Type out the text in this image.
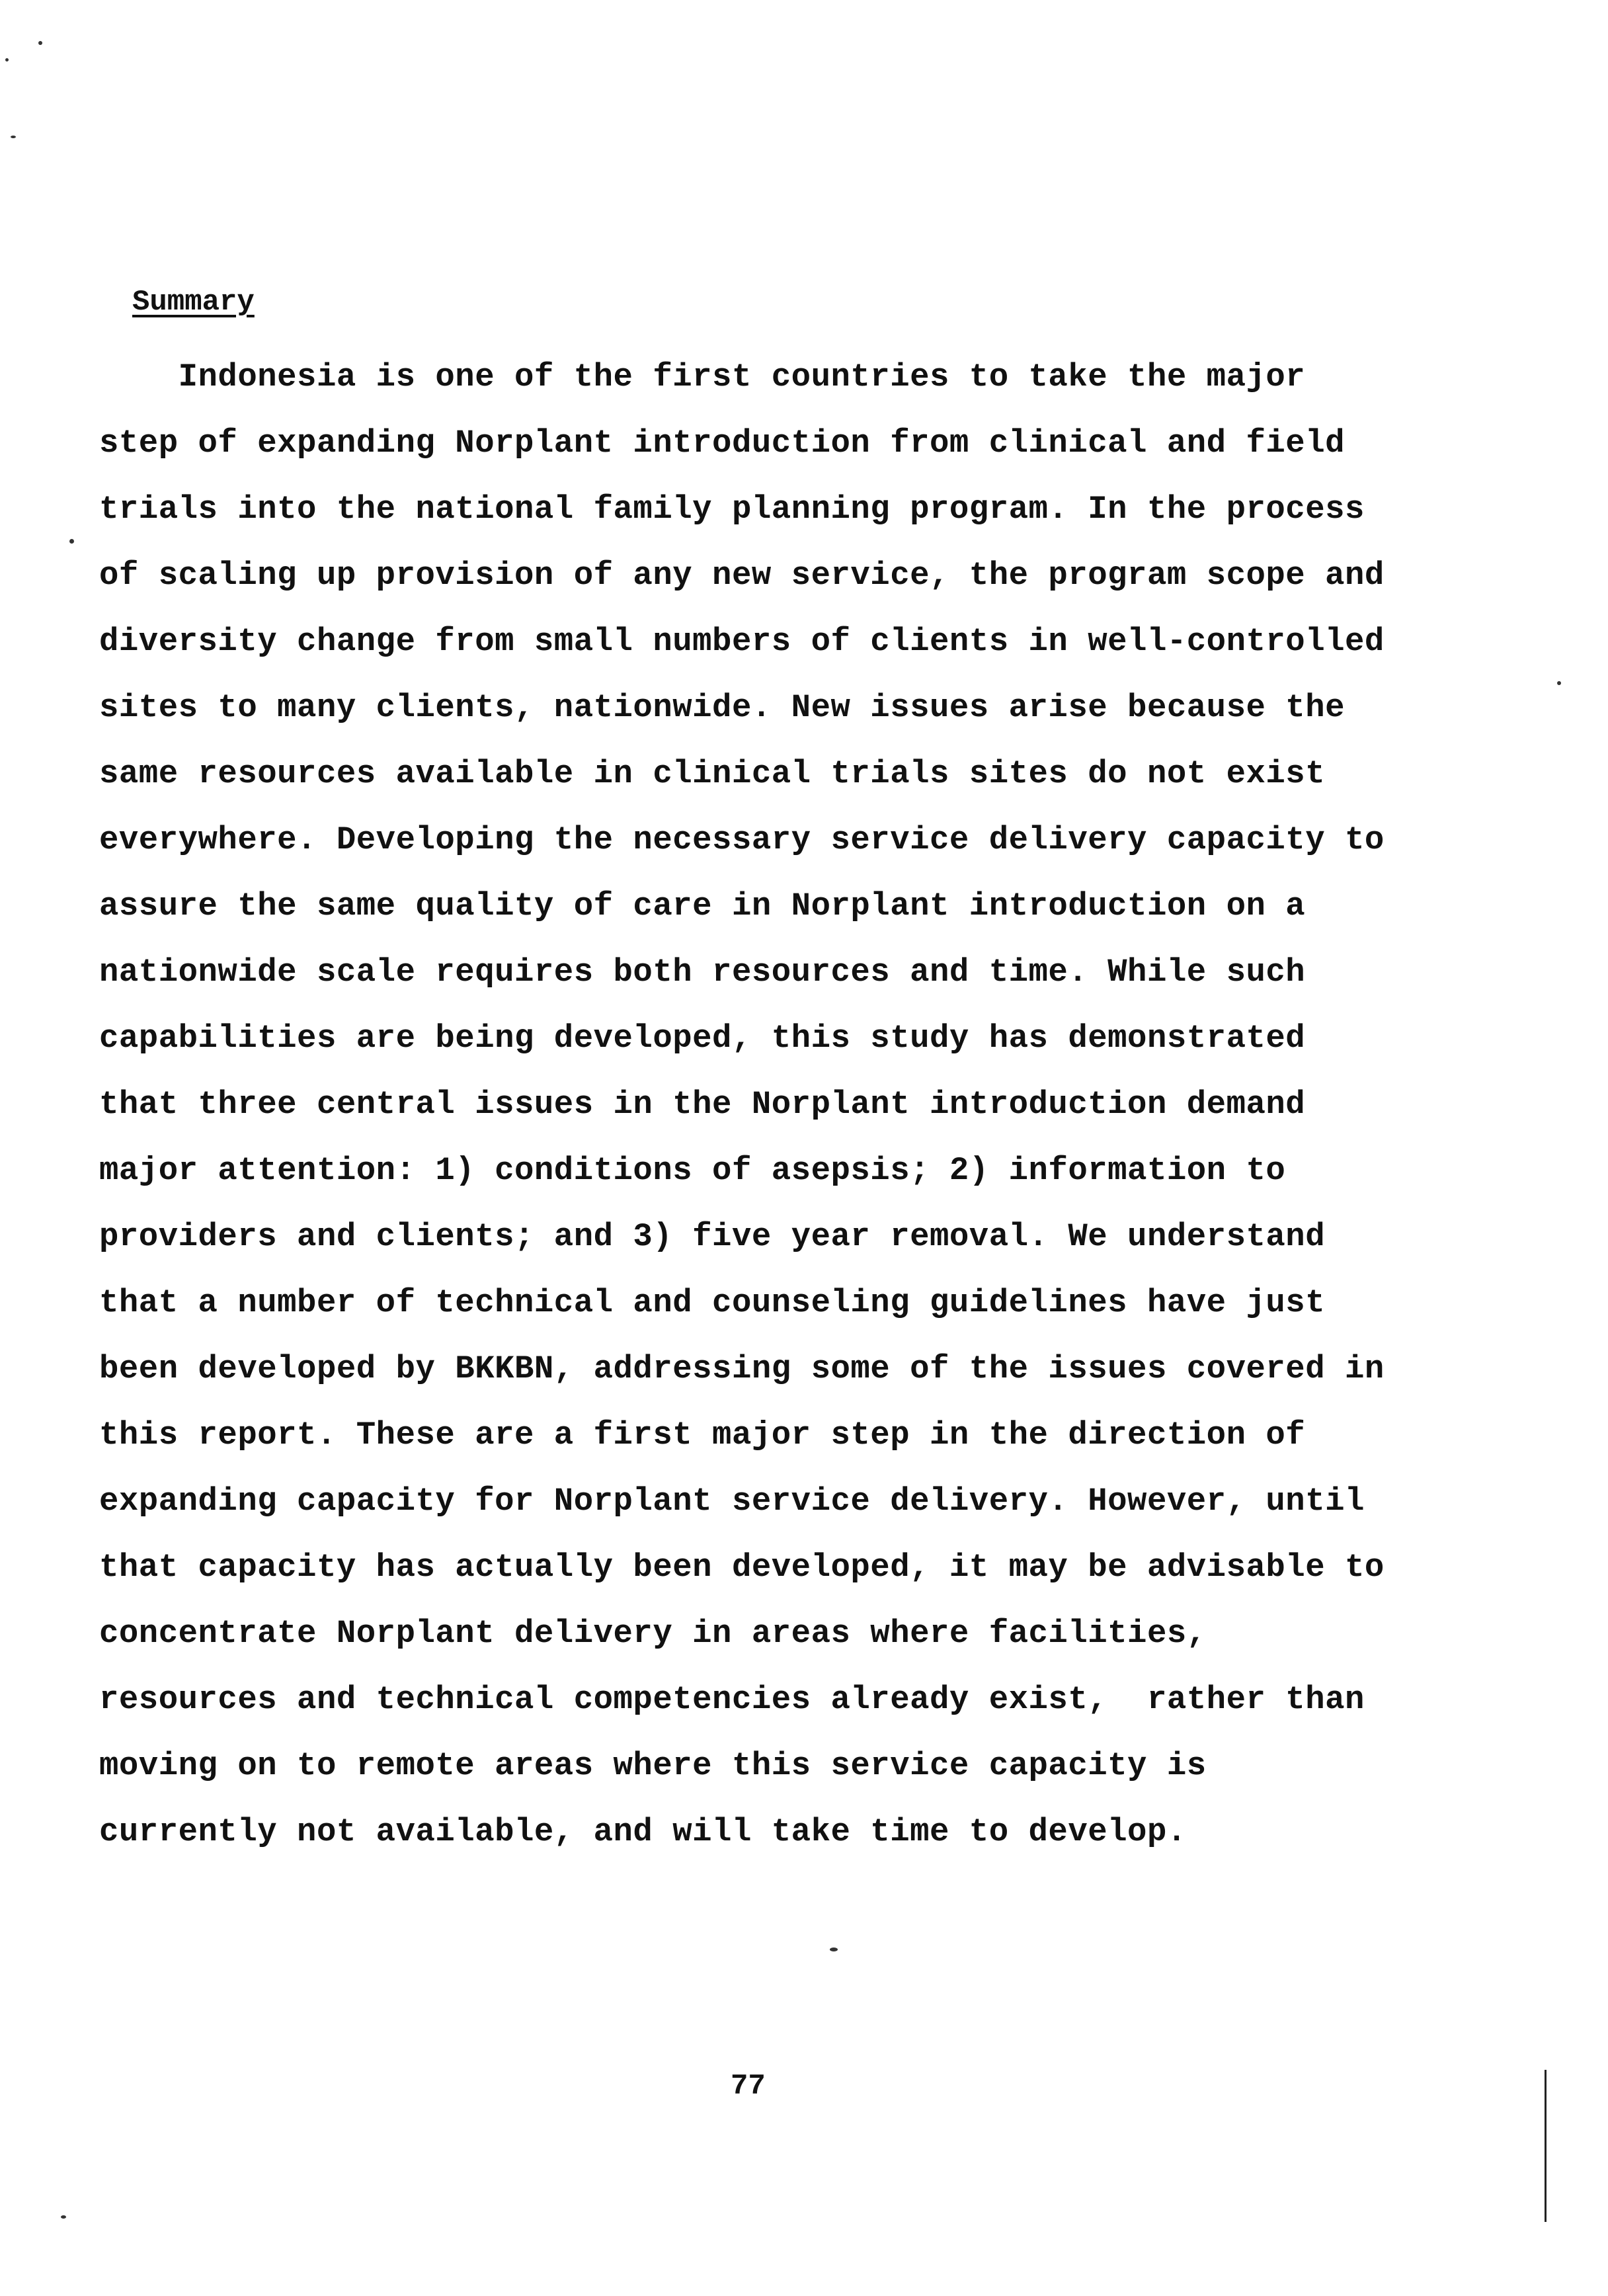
Summary
Indonesia is one of the first countries to take the major
step of expanding Norplant introduction from clinical and field
trials into the national family planning program. In the process
of scaling up provision of any new service, the program scope and
diversity change from small numbers of clients in well-controlled
sites to many clients, nationwide. New issues arise because the
same resources available in clinical trials sites do not exist
everywhere. Developing the necessary service delivery capacity to
assure the same quality of care in Norplant introduction on a
nationwide scale requires both resources and time. While such
capabilities are being developed, this study has demonstrated
that three central issues in the Norplant introduction demand
major attention: 1) conditions of asepsis; 2) information to
providers and clients; and 3) five year removal. We understand
that a number of technical and counseling guidelines have just
been developed by BKKBN, addressing some of the issues covered in
this report. These are a first major step in the direction of
expanding capacity for Norplant service delivery. However, until
that capacity has actually been developed, it may be advisable to
concentrate Norplant delivery in areas where facilities,
resources and technical competencies already exist,  rather than
moving on to remote areas where this service capacity is
currently not available, and will take time to develop.
77
